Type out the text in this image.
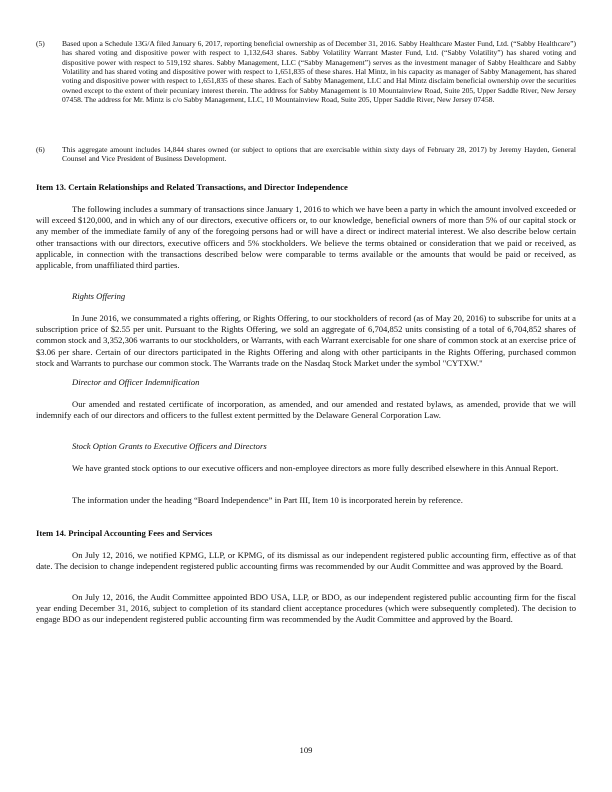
(5) Based upon a Schedule 13G/A filed January 6, 2017, reporting beneficial ownership as of December 31, 2016. Sabby Healthcare Master Fund, Ltd. (“Sabby Healthcare”) has shared voting and dispositive power with respect to 1,132,643 shares. Sabby Volatility Warrant Master Fund, Ltd. (“Sabby Volatility”) has shared voting and dispositive power with respect to 519,192 shares. Sabby Management, LLC (“Sabby Management”) serves as the investment manager of Sabby Healthcare and Sabby Volatility and has shared voting and dispositive power with respect to 1,651,835 of these shares. Hal Mintz, in his capacity as manager of Sabby Management, has shared voting and dispositive power with respect to 1,651,835 of these shares. Each of Sabby Management, LLC and Hal Mintz disclaim beneficial ownership over the securities owned except to the extent of their pecuniary interest therein. The address for Sabby Management is 10 Mountainview Road, Suite 205, Upper Saddle River, New Jersey 07458. The address for Mr. Mintz is c/o Sabby Management, LLC, 10 Mountainview Road, Suite 205, Upper Saddle River, New Jersey 07458.
(6) This aggregate amount includes 14,844 shares owned (or subject to options that are exercisable within sixty days of February 28, 2017) by Jeremy Hayden, General Counsel and Vice President of Business Development.
Item 13. Certain Relationships and Related Transactions, and Director Independence
The following includes a summary of transactions since January 1, 2016 to which we have been a party in which the amount involved exceeded or will exceed $120,000, and in which any of our directors, executive officers or, to our knowledge, beneficial owners of more than 5% of our capital stock or any member of the immediate family of any of the foregoing persons had or will have a direct or indirect material interest. We also describe below certain other transactions with our directors, executive officers and 5% stockholders. We believe the terms obtained or consideration that we paid or received, as applicable, in connection with the transactions described below were comparable to terms available or the amounts that would be paid or received, as applicable, from unaffiliated third parties.
Rights Offering
In June 2016, we consummated a rights offering, or Rights Offering, to our stockholders of record (as of May 20, 2016) to subscribe for units at a subscription price of $2.55 per unit. Pursuant to the Rights Offering, we sold an aggregate of 6,704,852 units consisting of a total of 6,704,852 shares of common stock and 3,352,306 warrants to our stockholders, or Warrants, with each Warrant exercisable for one share of common stock at an exercise price of $3.06 per share. Certain of our directors participated in the Rights Offering and along with other participants in the Rights Offering, purchased common stock and Warrants to purchase our common stock. The Warrants trade on the Nasdaq Stock Market under the symbol "CYTXW."
Director and Officer Indemnification
Our amended and restated certificate of incorporation, as amended, and our amended and restated bylaws, as amended, provide that we will indemnify each of our directors and officers to the fullest extent permitted by the Delaware General Corporation Law.
Stock Option Grants to Executive Officers and Directors
We have granted stock options to our executive officers and non-employee directors as more fully described elsewhere in this Annual Report.
The information under the heading “Board Independence” in Part III, Item 10 is incorporated herein by reference.
Item 14. Principal Accounting Fees and Services
On July 12, 2016, we notified KPMG, LLP, or KPMG, of its dismissal as our independent registered public accounting firm, effective as of that date. The decision to change independent registered public accounting firms was recommended by our Audit Committee and was approved by the Board.
On July 12, 2016, the Audit Committee appointed BDO USA, LLP, or BDO, as our independent registered public accounting firm for the fiscal year ending December 31, 2016, subject to completion of its standard client acceptance procedures (which were subsequently completed). The decision to engage BDO as our independent registered public accounting firm was recommended by the Audit Committee and approved by the Board.
109
